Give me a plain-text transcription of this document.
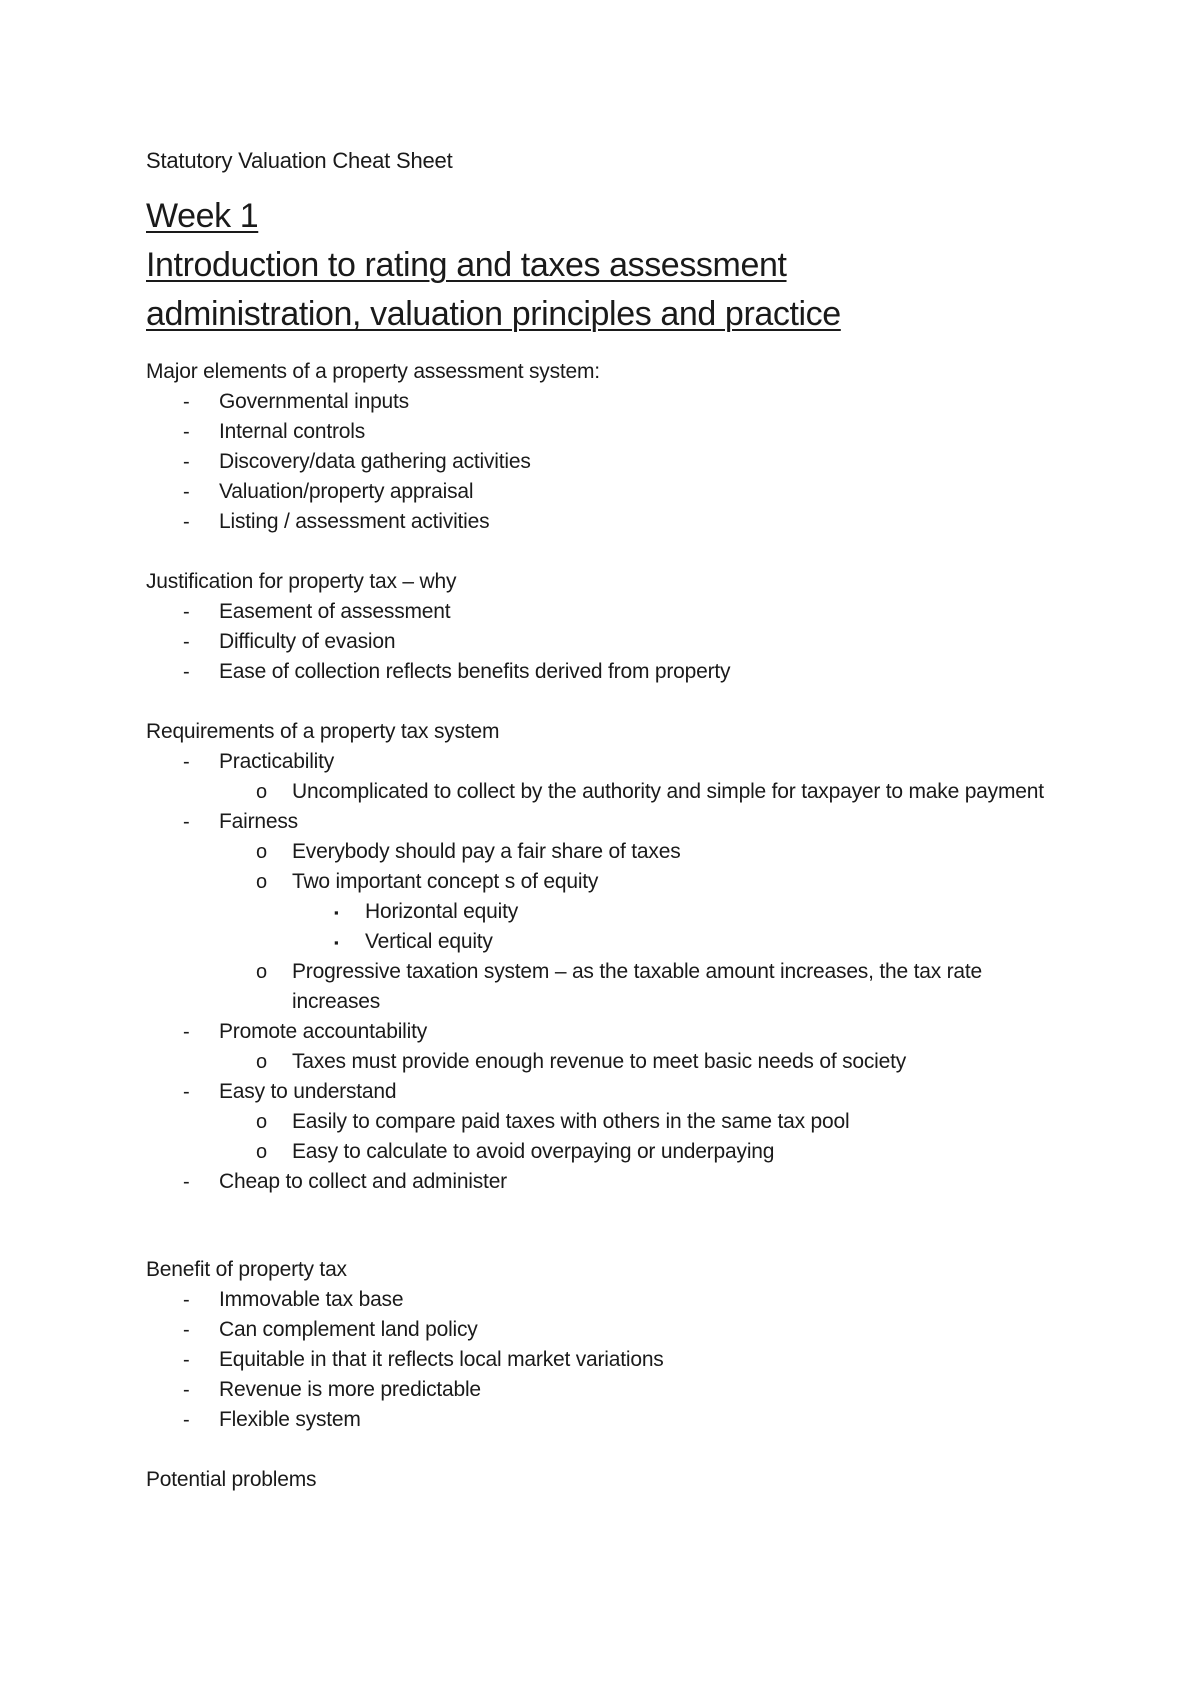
Statutory Valuation Cheat Sheet

Week 1
Introduction to rating and taxes assessment
administration, valuation principles and practice

Major elements of a property assessment system:

- Governmental inputs
- Internal controls
- Discovery/data gathering activities
- Valuation/property appraisal
- Listing / assessment activities

Justification for property tax – why

- Easement of assessment
- Difficulty of evasion
- Ease of collection reflects benefits derived from property

Requirements of a property tax system

- Practicability
o Uncomplicated to collect by the authority and simple for taxpayer to make payment
- Fairness
o Everybody should pay a fair share of taxes
o Two important concept s of equity
▪ Horizontal equity
▪ Vertical equity
o Progressive taxation system – as the taxable amount increases, the tax rate increases
- Promote accountability
o Taxes must provide enough revenue to meet basic needs of society
- Easy to understand
o Easily to compare paid taxes with others in the same tax pool
o Easy to calculate to avoid overpaying or underpaying
- Cheap to collect and administer

Benefit of property tax

- Immovable tax base
- Can complement land policy
- Equitable in that it reflects local market variations
- Revenue is more predictable
- Flexible system

Potential problems
